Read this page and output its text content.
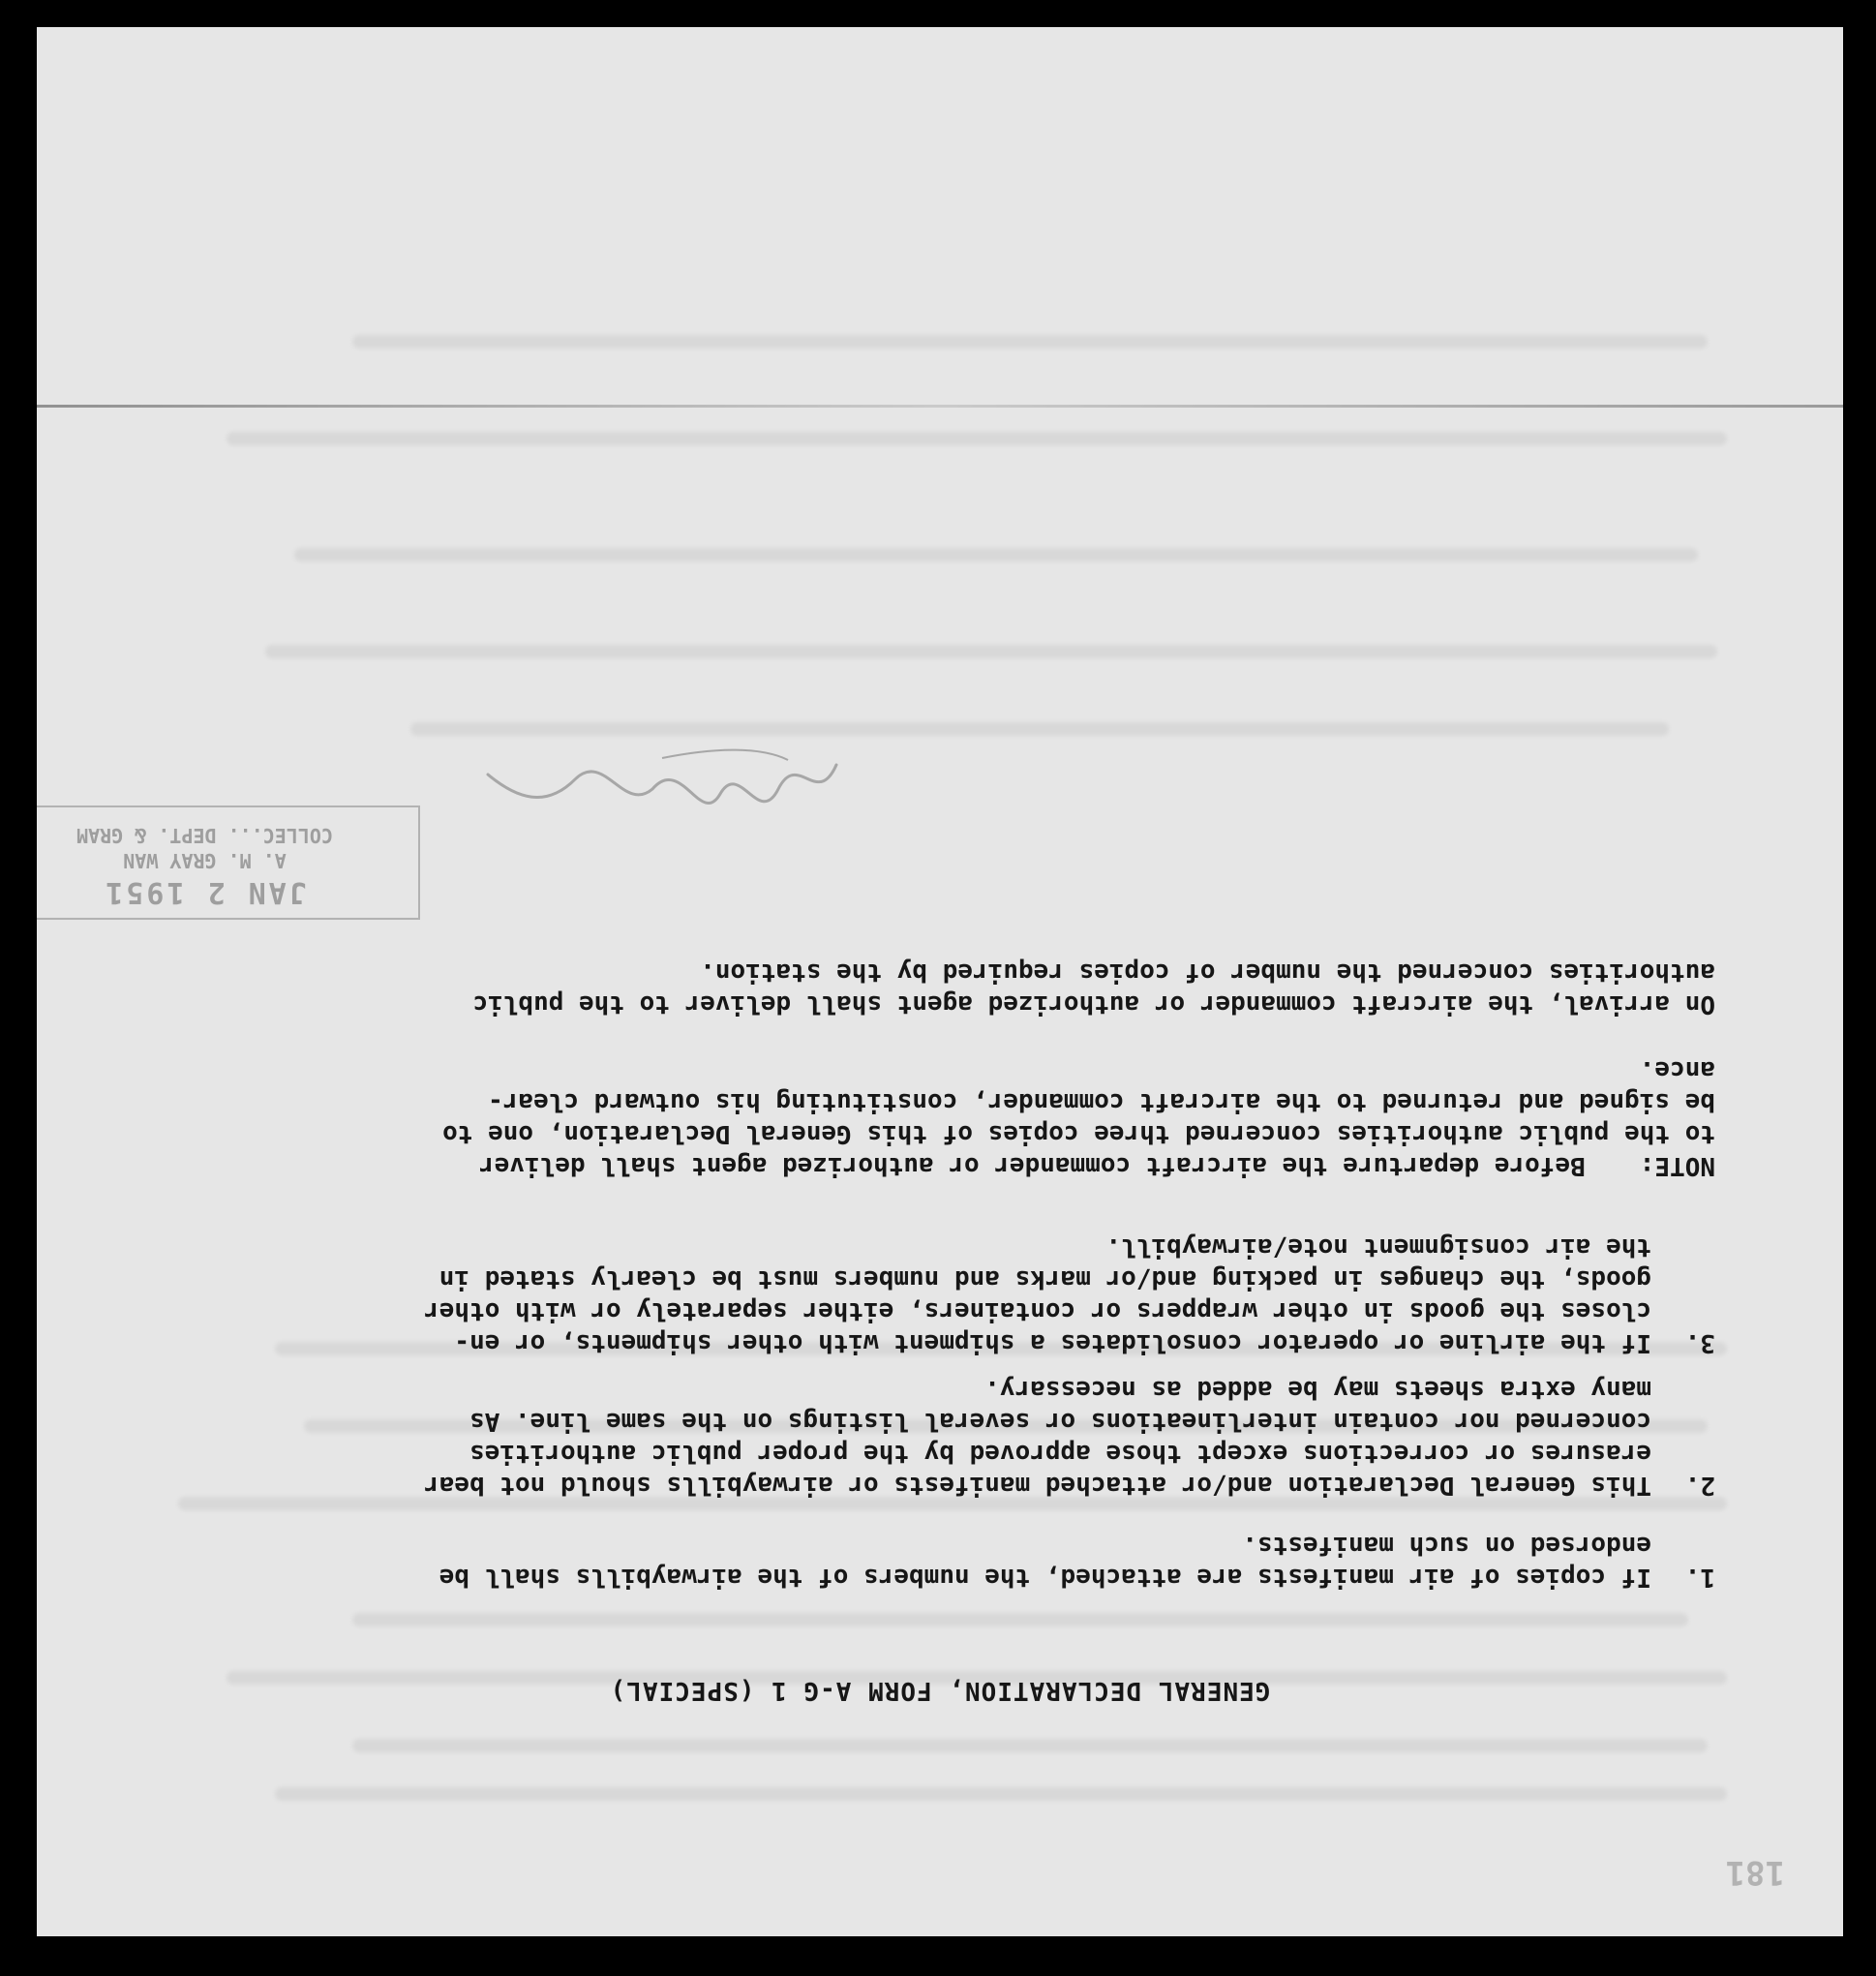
181
GENERAL DECLARATION, FORM A-G 1 (SPECIAL)
1.
If copies of air manifests are attached, the numbers of the airwaybills shall be
endorsed on such manifests.
2.
This General Declaration and/or attached manifests or airwaybills should not bear
erasures or corrections except those approved by the proper public authorities
concerned nor contain interlineations or several listings on the same line. As
many extra sheets may be added as necessary.
3.
If the airline or operator consolidates a shipment with other shipments, or en-
closes the goods in other wrappers or containers, either separately or with other
goods, the changes in packing and/or marks and numbers must be clearly stated in
the air consignment note/airwaybill.
NOTE:Before departure the aircraft commander or authorized agent shall deliver
to the public authorities concerned three copies of this General Declaration, one to
be signed and returned to the aircraft commander, constituting his outward clear-
ance.
On arrival, the aircraft commander or authorized agent shall deliver to the public
authorities concerned the number of copies required by the station.
JAN 2 1951
A. M. GRAY WAN
COLLEC... DEPT. & GRAM
